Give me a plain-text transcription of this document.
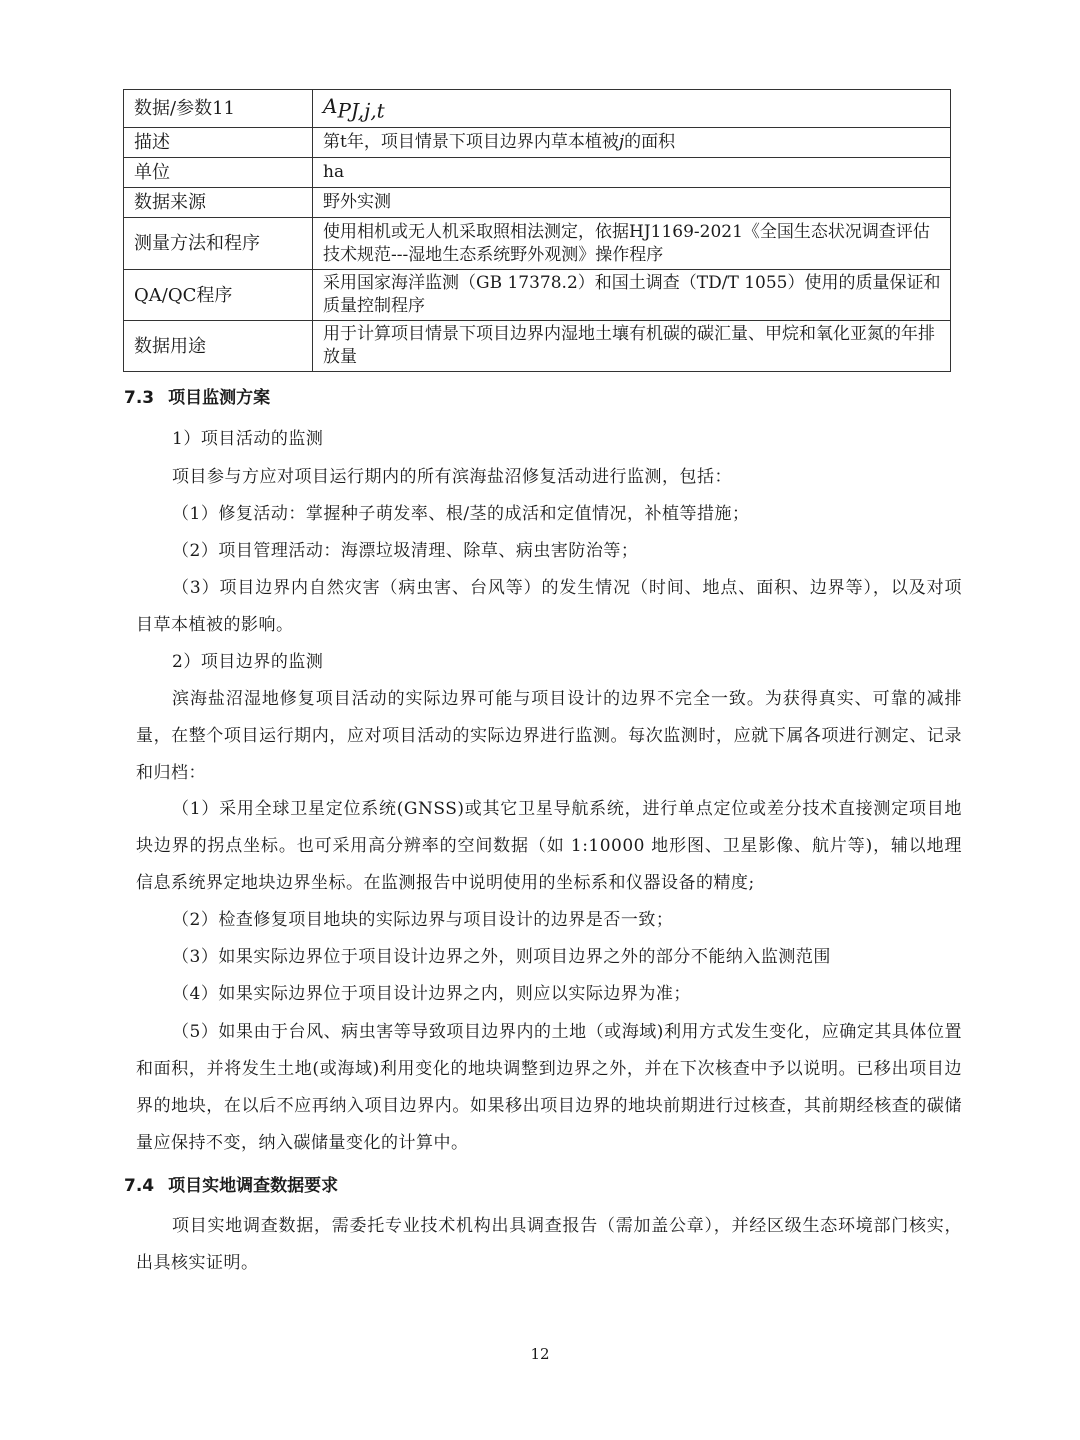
数据/参数11	$A_{PJ,j,t}$
描述	第t年，项目情景下项目边界内草本植被j的面积
单位	ha
数据来源	野外实测
测量方法和程序	使用相机或无人机采取照相法测定，依据HJ1169-2021《全国生态状况调查评估技术规范---湿地生态系统野外观测》操作程序
QA/QC程序	采用国家海洋监测（GB 17378.2）和国土调查（TD/T 1055）使用的质量保证和质量控制程序
数据用途	用于计算项目情景下项目边界内湿地土壤有机碳的碳汇量、甲烷和氧化亚氮的年排放量
7.3 项目监测方案
1）项目活动的监测
项目参与方应对项目运行期内的所有滨海盐沼修复活动进行监测，包括：
（1）修复活动：掌握种子萌发率、根/茎的成活和定值情况，补植等措施；
（2）项目管理活动：海漂垃圾清理、除草、病虫害防治等；
（3）项目边界内自然灾害（病虫害、台风等）的发生情况（时间、地点、面积、边界等），以及对项目草本植被的影响。
2）项目边界的监测
滨海盐沼湿地修复项目活动的实际边界可能与项目设计的边界不完全一致。为获得真实、可靠的减排量，在整个项目运行期内，应对项目活动的实际边界进行监测。每次监测时，应就下属各项进行测定、记录和归档：
（1）采用全球卫星定位系统(GNSS)或其它卫星导航系统，进行单点定位或差分技术直接测定项目地块边界的拐点坐标。也可采用高分辨率的空间数据（如 1:10000 地形图、卫星影像、航片等)，辅以地理信息系统界定地块边界坐标。在监测报告中说明使用的坐标系和仪器设备的精度;
（2）检查修复项目地块的实际边界与项目设计的边界是否一致；
（3）如果实际边界位于项目设计边界之外，则项目边界之外的部分不能纳入监测范围
（4）如果实际边界位于项目设计边界之内，则应以实际边界为准；
（5）如果由于台风、病虫害等导致项目边界内的土地（或海域)利用方式发生变化，应确定其具体位置和面积，并将发生土地(或海域)利用变化的地块调整到边界之外，并在下次核查中予以说明。已移出项目边界的地块，在以后不应再纳入项目边界内。如果移出项目边界的地块前期进行过核查，其前期经核查的碳储量应保持不变，纳入碳储量变化的计算中。
7.4 项目实地调查数据要求
项目实地调查数据，需委托专业技术机构出具调查报告（需加盖公章），并经区级生态环境部门核实，出具核实证明。
12
